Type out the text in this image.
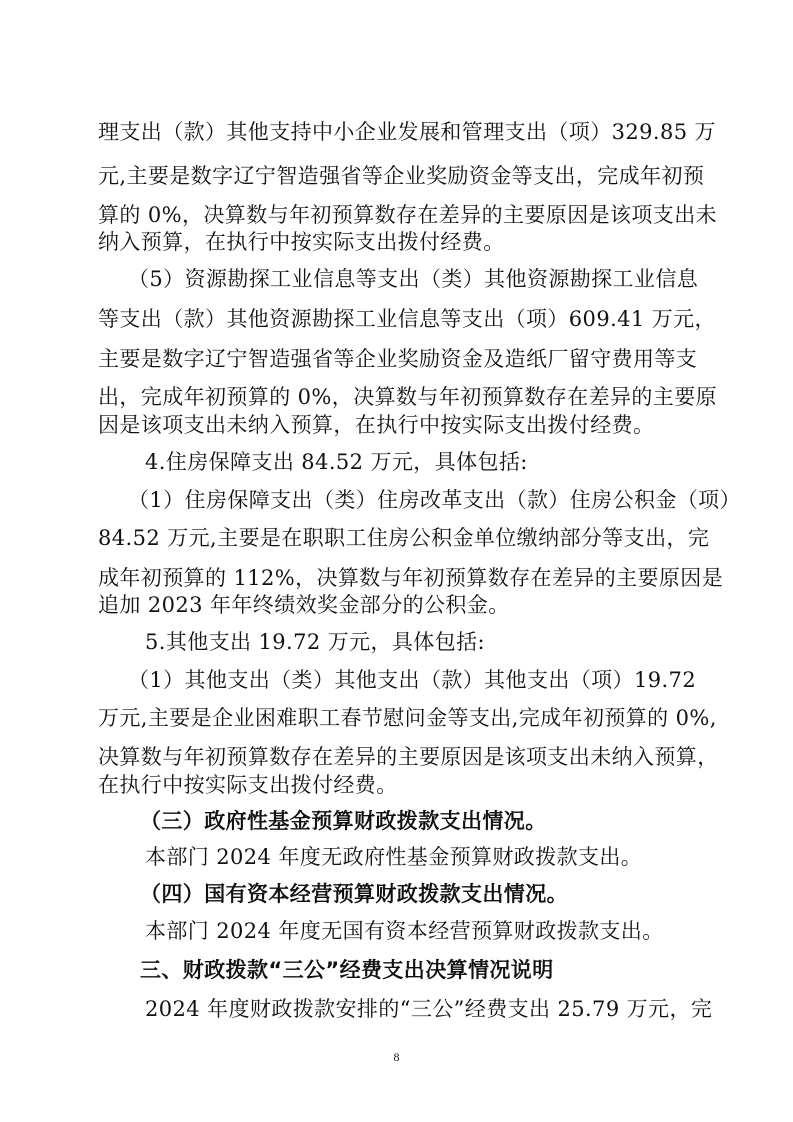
理支出（款）其他支持中小企业发展和管理支出（项）329.85 万
元,主要是数字辽宁智造强省等企业奖励资金等支出，完成年初预
算的 0%，决算数与年初预算数存在差异的主要原因是该项支出未
纳入预算，在执行中按实际支出拨付经费。
（5）资源勘探工业信息等支出（类）其他资源勘探工业信息
等支出（款）其他资源勘探工业信息等支出（项）609.41 万元，
主要是数字辽宁智造强省等企业奖励资金及造纸厂留守费用等支
出，完成年初预算的 0%，决算数与年初预算数存在差异的主要原
因是该项支出未纳入预算，在执行中按实际支出拨付经费。
4.住房保障支出 84.52 万元，具体包括:
（1）住房保障支出（类）住房改革支出（款）住房公积金（项）
84.52 万元,主要是在职职工住房公积金单位缴纳部分等支出，完
成年初预算的 112%，决算数与年初预算数存在差异的主要原因是
追加 2023 年年终绩效奖金部分的公积金。
5.其他支出 19.72 万元，具体包括:
（1）其他支出（类）其他支出（款）其他支出（项）19.72
万元,主要是企业困难职工春节慰问金等支出,完成年初预算的 0%,
决算数与年初预算数存在差异的主要原因是该项支出未纳入预算，
在执行中按实际支出拨付经费。
（三）政府性基金预算财政拨款支出情况。
本部门 2024 年度无政府性基金预算财政拨款支出。
（四）国有资本经营预算财政拨款支出情况。
本部门 2024 年度无国有资本经营预算财政拨款支出。
三、财政拨款“三公”经费支出决算情况说明
2024 年度财政拨款安排的“三公”经费支出 25.79 万元，完
8
